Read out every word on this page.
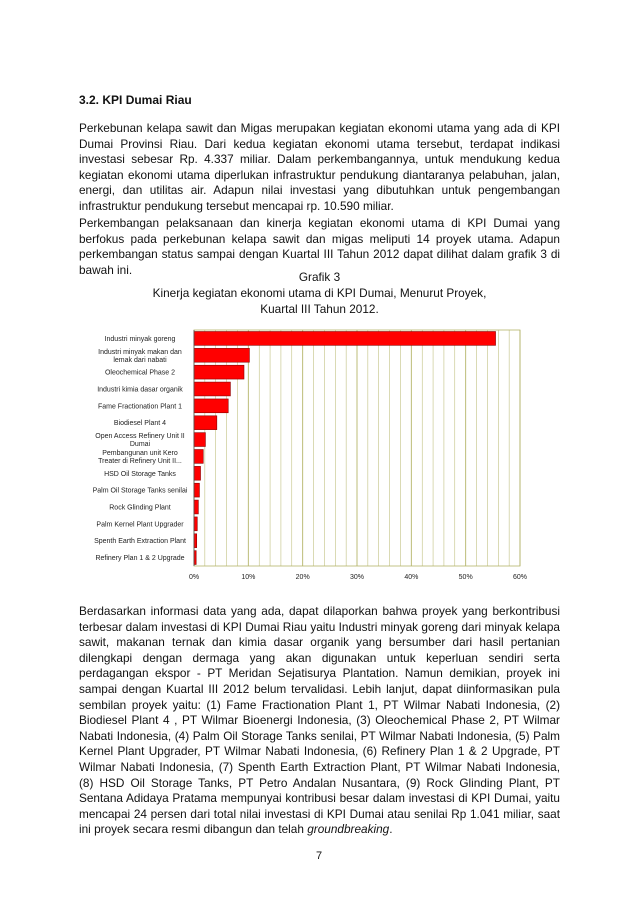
3.2. KPI Dumai Riau

Perkebunan kelapa sawit dan Migas merupakan kegiatan ekonomi utama yang ada di KPI Dumai Provinsi Riau. Dari kedua kegiatan ekonomi utama tersebut, terdapat indikasi investasi sebesar Rp. 4.337 miliar. Dalam perkembangannya, untuk mendukung kedua kegiatan ekonomi utama diperlukan infrastruktur pendukung diantaranya pelabuhan, jalan, energi, dan utilitas air. Adapun nilai investasi yang dibutuhkan untuk pengembangan infrastruktur pendukung tersebut mencapai rp. 10.590 miliar.

Perkembangan pelaksanaan dan kinerja kegiatan ekonomi utama di KPI Dumai yang berfokus pada perkebunan kelapa sawit dan migas meliputi 14 proyek utama. Adapun perkembangan status sampai dengan Kuartal III Tahun 2012 dapat dilihat dalam grafik 3 di bawah ini.

Grafik 3
Kinerja kegiatan ekonomi utama di KPI Dumai, Menurut Proyek,
Kuartal III Tahun 2012.
Industri minyak goreng
Industri minyak makan dan lemak dari nabati
Oleochemical Phase 2
Industri kimia dasar organik
Fame Fractionation Plant 1
Biodiesel Plant 4
Open Access Refinery Unit II Dumai
Pembangunan unit Kero Treater di Refinery Unit II...
HSD Oil Storage Tanks
Palm Oil Storage Tanks senilai
Rock Glinding Plant
Palm Kernel Plant Upgrader
Spenth Earth Extraction Plant
Refinery Plan 1 & 2 Upgrade
0%	10%	20%	30%	40%	50%	60%

Berdasarkan informasi data yang ada, dapat dilaporkan bahwa proyek yang berkontribusi terbesar dalam investasi di KPI Dumai Riau yaitu Industri minyak goreng dari minyak kelapa sawit, makanan ternak dan kimia dasar organik yang bersumber dari hasil pertanian dilengkapi dengan dermaga yang akan digunakan untuk keperluan sendiri serta perdagangan ekspor - PT Meridan Sejatisurya Plantation. Namun demikian, proyek ini sampai dengan Kuartal III 2012 belum tervalidasi. Lebih lanjut, dapat diinformasikan pula sembilan proyek yaitu: (1) Fame Fractionation Plant 1, PT Wilmar Nabati Indonesia, (2) Biodiesel Plant 4 , PT Wilmar Bioenergi Indonesia, (3) Oleochemical Phase 2, PT Wilmar Nabati Indonesia, (4) Palm Oil Storage Tanks senilai, PT Wilmar Nabati Indonesia, (5) Palm Kernel Plant Upgrader, PT Wilmar Nabati Indonesia, (6) Refinery Plan 1 & 2 Upgrade, PT Wilmar Nabati Indonesia, (7) Spenth Earth Extraction Plant, PT Wilmar Nabati Indonesia, (8) HSD Oil Storage Tanks, PT Petro Andalan Nusantara, (9) Rock Glinding Plant, PT Sentana Adidaya Pratama mempunyai kontribusi besar dalam investasi di KPI Dumai, yaitu mencapai 24 persen dari total nilai investasi di KPI Dumai atau senilai Rp 1.041 miliar, saat ini proyek secara resmi dibangun dan telah groundbreaking.

7
